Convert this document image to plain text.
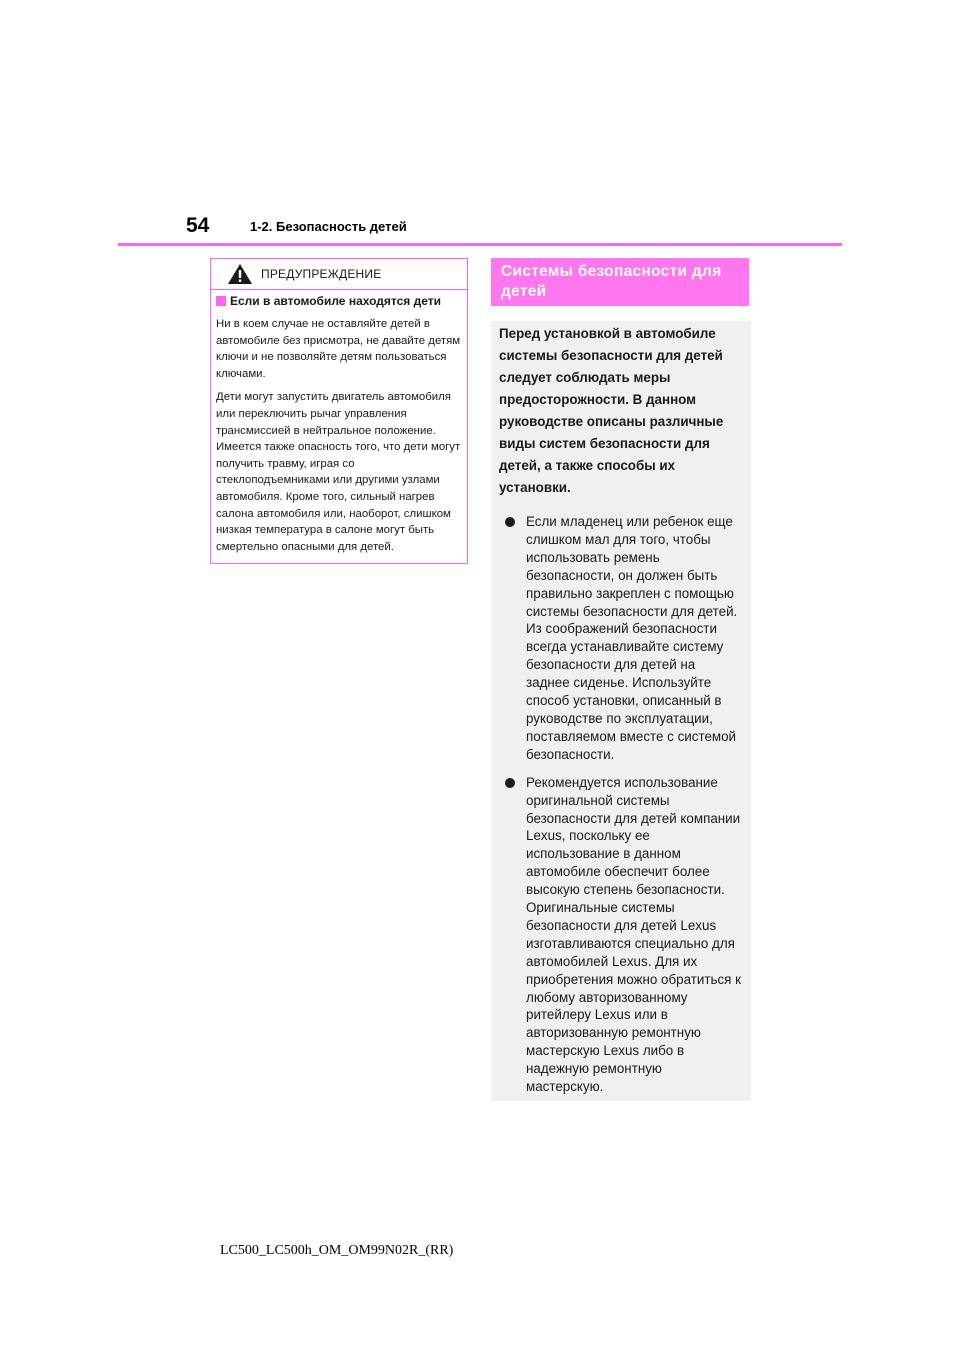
54	1-2. Безопасность детей
ПРЕДУПРЕЖДЕНИЕ
Если в автомобиле находятся дети

Ни в коем случае не оставляйте детей в автомобиле без присмотра, не давайте детям ключи и не позволяйте детям пользоваться ключами.

Дети могут запустить двигатель автомобиля или переключить рычаг управления трансмиссией в нейтральное положение. Имеется также опасность того, что дети могут получить травму, играя со стеклоподъемниками или другими узлами автомобиля. Кроме того, сильный нагрев салона автомобиля или, наоборот, слишком низкая температура в салоне могут быть смертельно опасными для детей.

Системы безопасности для детей

Перед установкой в автомобиле системы безопасности для детей следует соблюдать меры предосторожности. В данном руководстве описаны различные виды систем безопасности для детей, а также способы их установки.

Если младенец или ребенок еще слишком мал для того, чтобы использовать ремень безопасности, он должен быть правильно закреплен с помощью системы безопасности для детей. Из соображений безопасности всегда устанавливайте систему безопасности для детей на заднее сиденье. Используйте способ установки, описанный в руководстве по эксплуатации, поставляемом вместе с системой безопасности.
Рекомендуется использование оригинальной системы безопасности для детей компании Lexus, поскольку ее использование в данном автомобиле обеспечит более высокую степень безопасности. Оригинальные системы безопасности для детей Lexus изготавливаются специально для автомобилей Lexus. Для их приобретения можно обратиться к любому авторизованному ритейлеру Lexus или в авторизованную ремонтную мастерскую Lexus либо в надежную ремонтную мастерскую.
LC500_LC500h_OM_OM99N02R_(RR)
